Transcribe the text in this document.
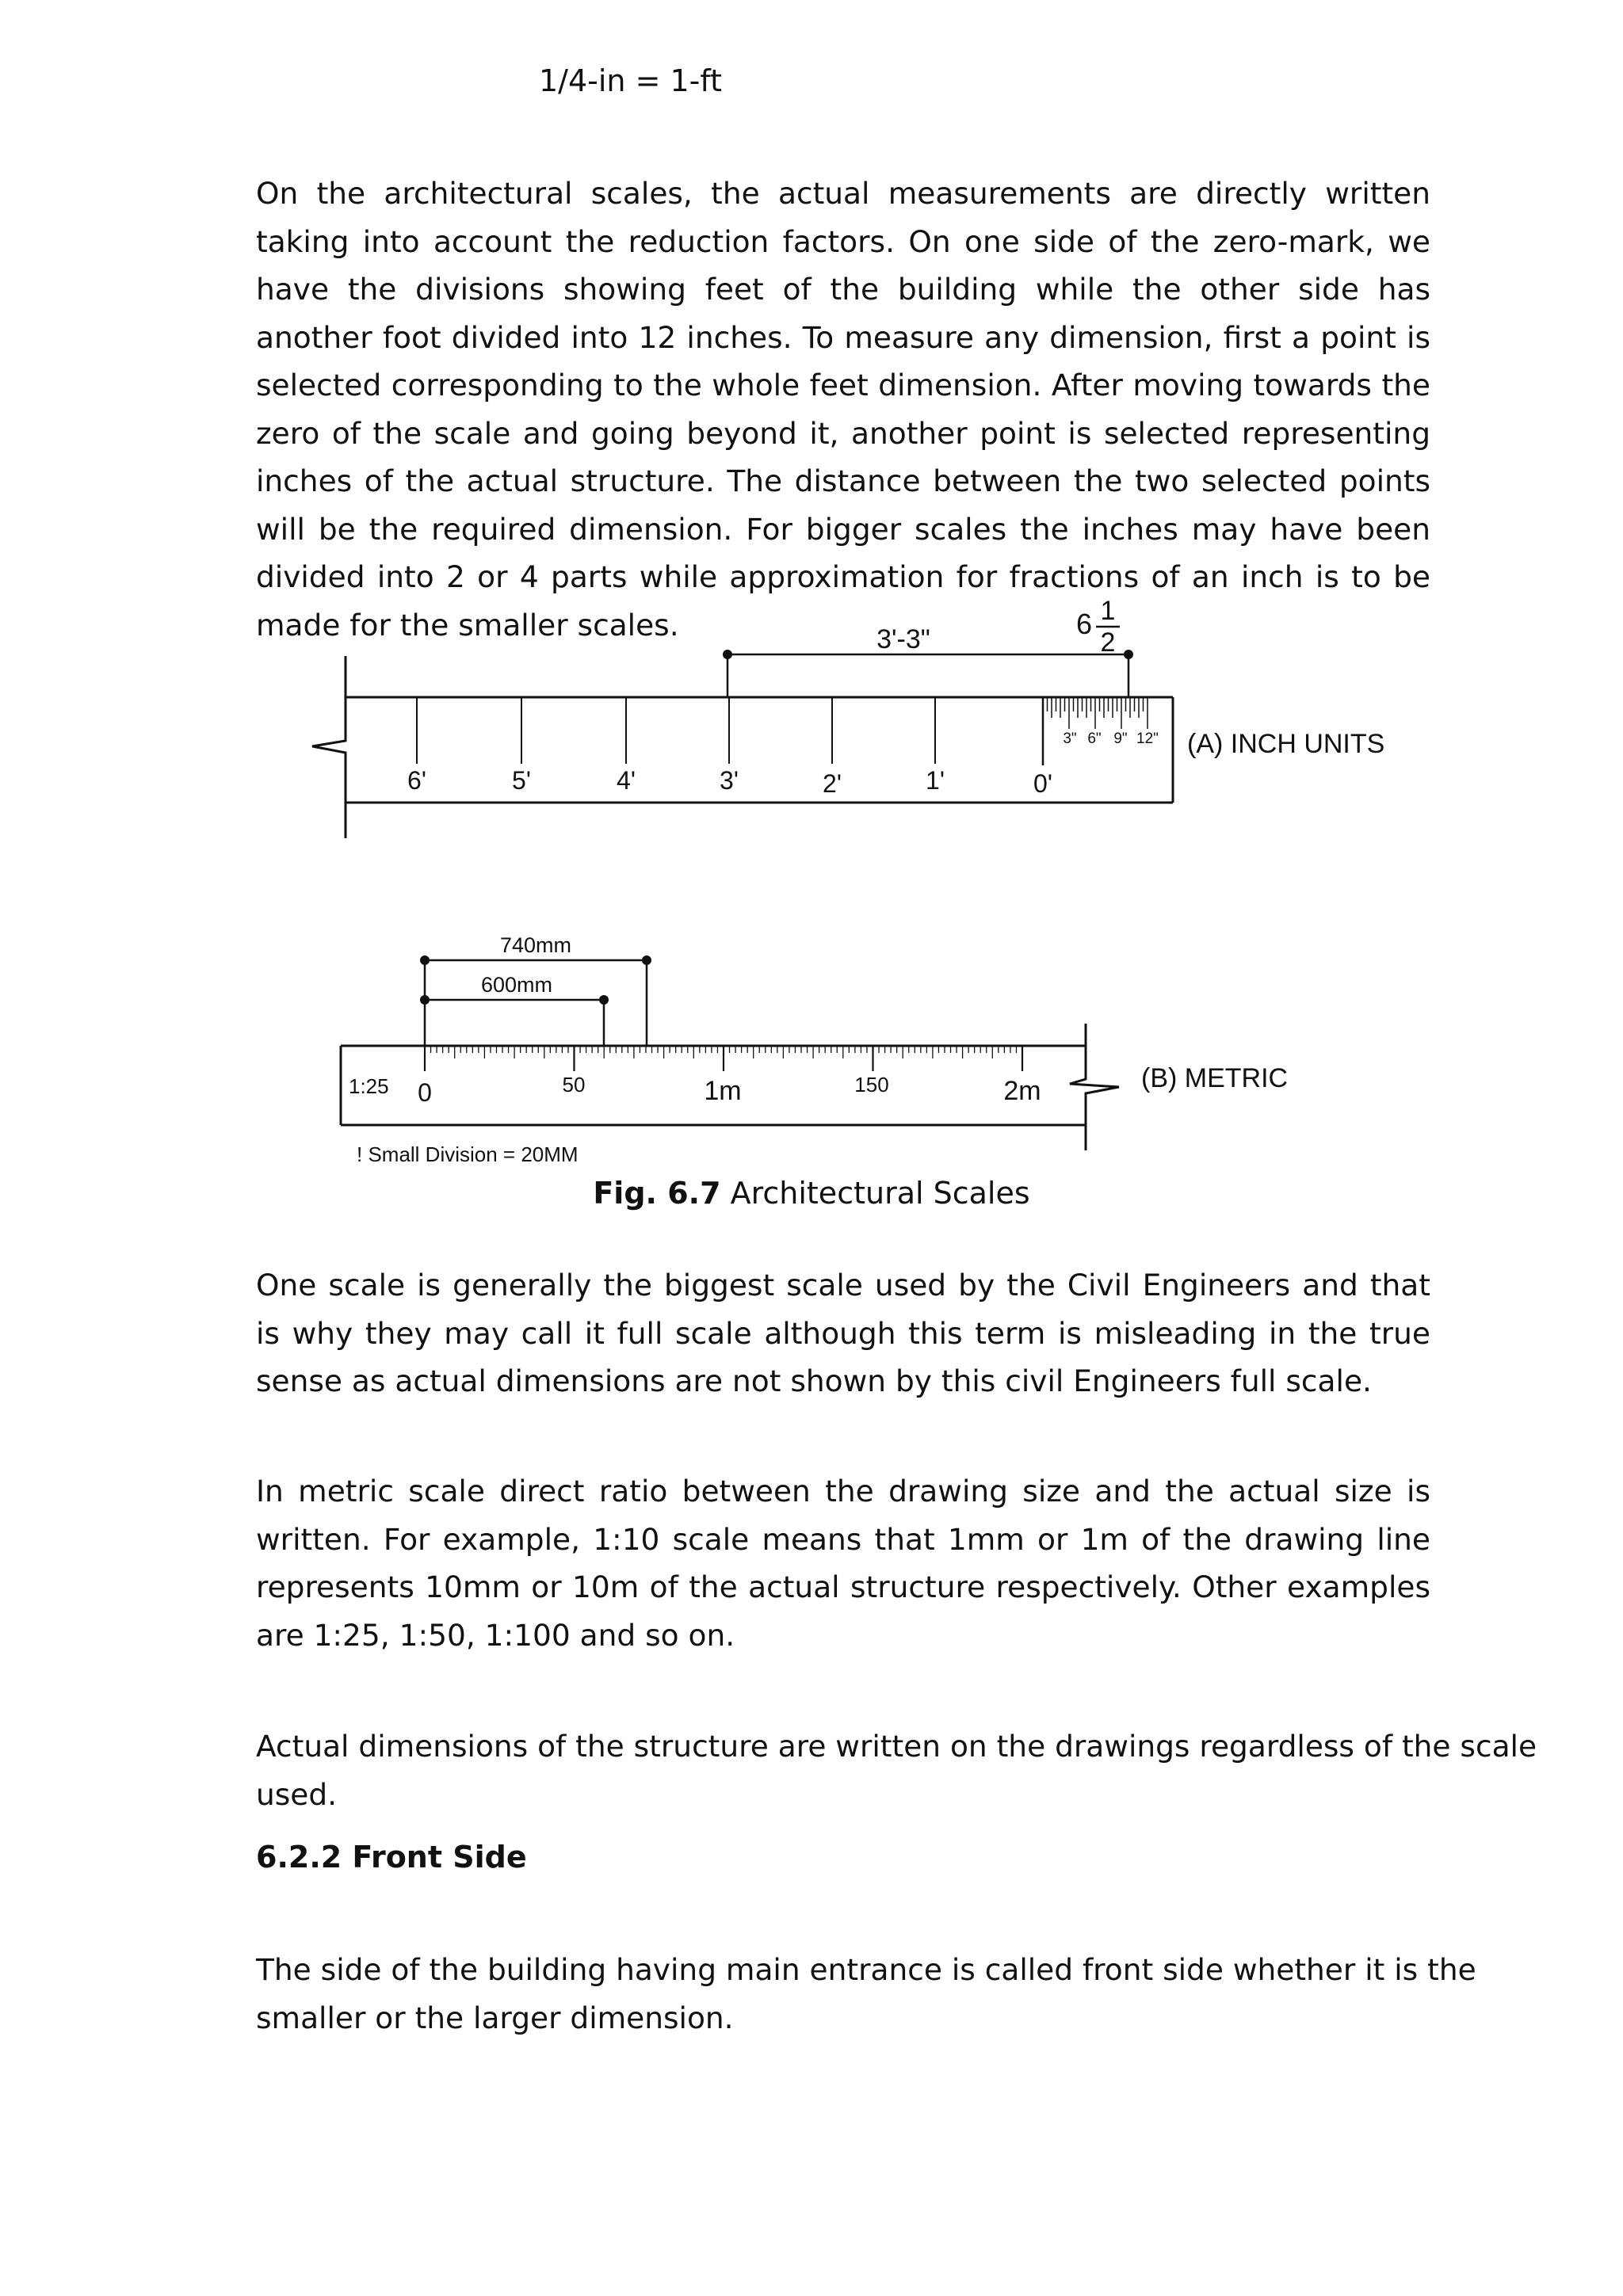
1/4-in = 1-ft

On the architectural scales, the actual measurements are directly written taking into account the reduction factors. On one side of the zero-mark, we have the divisions showing feet of the building while the other side has another foot divided into 12 inches. To measure any dimension, first a point is selected corresponding to the whole feet dimension. After moving towards the zero of the scale and going beyond it, another point is selected representing inches of the actual structure. The distance between the two selected points will be the required dimension. For bigger scales the inches may have been divided into 2 or 4 parts while approximation for fractions of an inch is to be made for the smaller scales.	3'-3"	6 1
2
3" 6" 9" 12"
6'	5'	4'	3'	2'	1'	0'
(A) INCH UNITS
740mm
600mm
1:25 0	50	1m	150	2m	(B) METRIC
! Small Division = 20MM
Fig. 6.7 Architectural Scales

One scale is generally the biggest scale used by the Civil Engineers and that is why they may call it full scale although this term is misleading in the true sense as actual dimensions are not shown by this civil Engineers full scale.

In metric scale direct ratio between the drawing size and the actual size is written. For example, 1:10 scale means that 1mm or 1m of the drawing line represents 10mm or 10m of the actual structure respectively. Other examples are 1:25, 1:50, 1:100 and so on.

Actual dimensions of the structure are written on the drawings regardless of the scale used.

6.2.2 Front Side

The side of the building having main entrance is called front side whether it is the smaller or the larger dimension.
